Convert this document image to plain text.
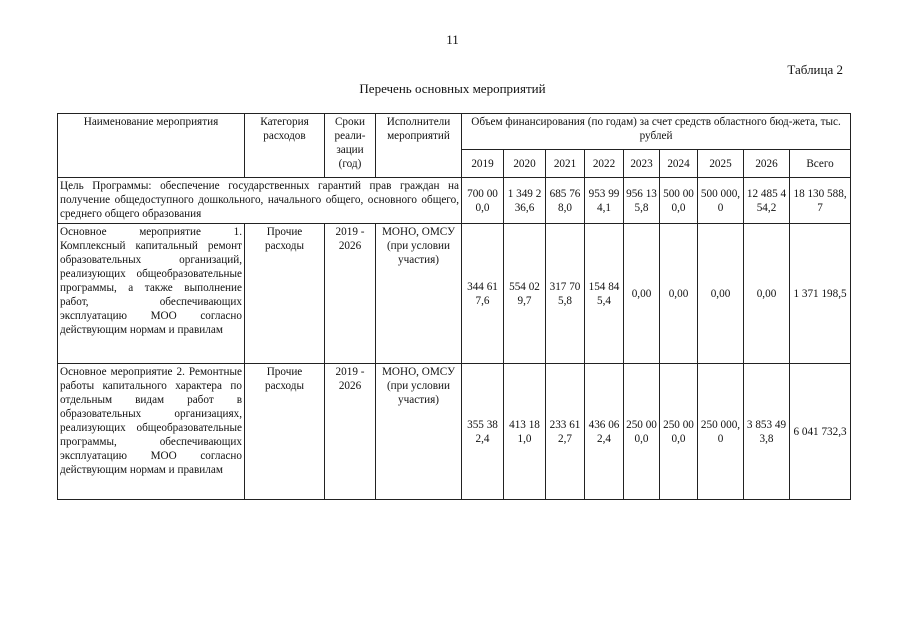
11
Таблица 2
Перечень основных мероприятий
Наименование мероприятия	Категория расходов	Сроки реали-зации (год)	Исполнители мероприятий	Объем финансирования (по годам) за счет средств областного бюд-жета, тыс. рублей								
				2019	2020	2021	2022	2023	2024	2025	2026	Всего
Цель Программы: обеспечение государственных гарантий прав граждан на получение общедоступного дошкольного, начального общего, основного общего, среднего общего образования				700 000,0	1 349 236,6	685 768,0	953 994,1	956 135,8	500 000,0	500 000,0	12 485 454,2	18 130 588,7
Основное мероприятие 1. Комплексный капитальный ремонт образовательных организаций, реализующих общеобразовательные программы, а также выполнение работ, обеспечивающих эксплуатацию МОО согласно действующим нормам и правилам	Прочие расходы	2019 - 2026	МОНО, ОМСУ (при условии участия)	344 617,6	554 029,7	317 705,8	154 845,4	0,00	0,00	0,00	0,00	1 371 198,5
Основное мероприятие 2. Ремонтные работы капитального характера по отдельным видам работ в образовательных организациях, реализующих общеобразовательные программы, обеспечивающих эксплуатацию МОО согласно действующим нормам и правилам	Прочие расходы	2019 - 2026	МОНО, ОМСУ (при условии участия)	355 382,4	413 181,0	233 612,7	436 062,4	250 000,0	250 000,0	250 000,0	3 853 493,8	6 041 732,3
